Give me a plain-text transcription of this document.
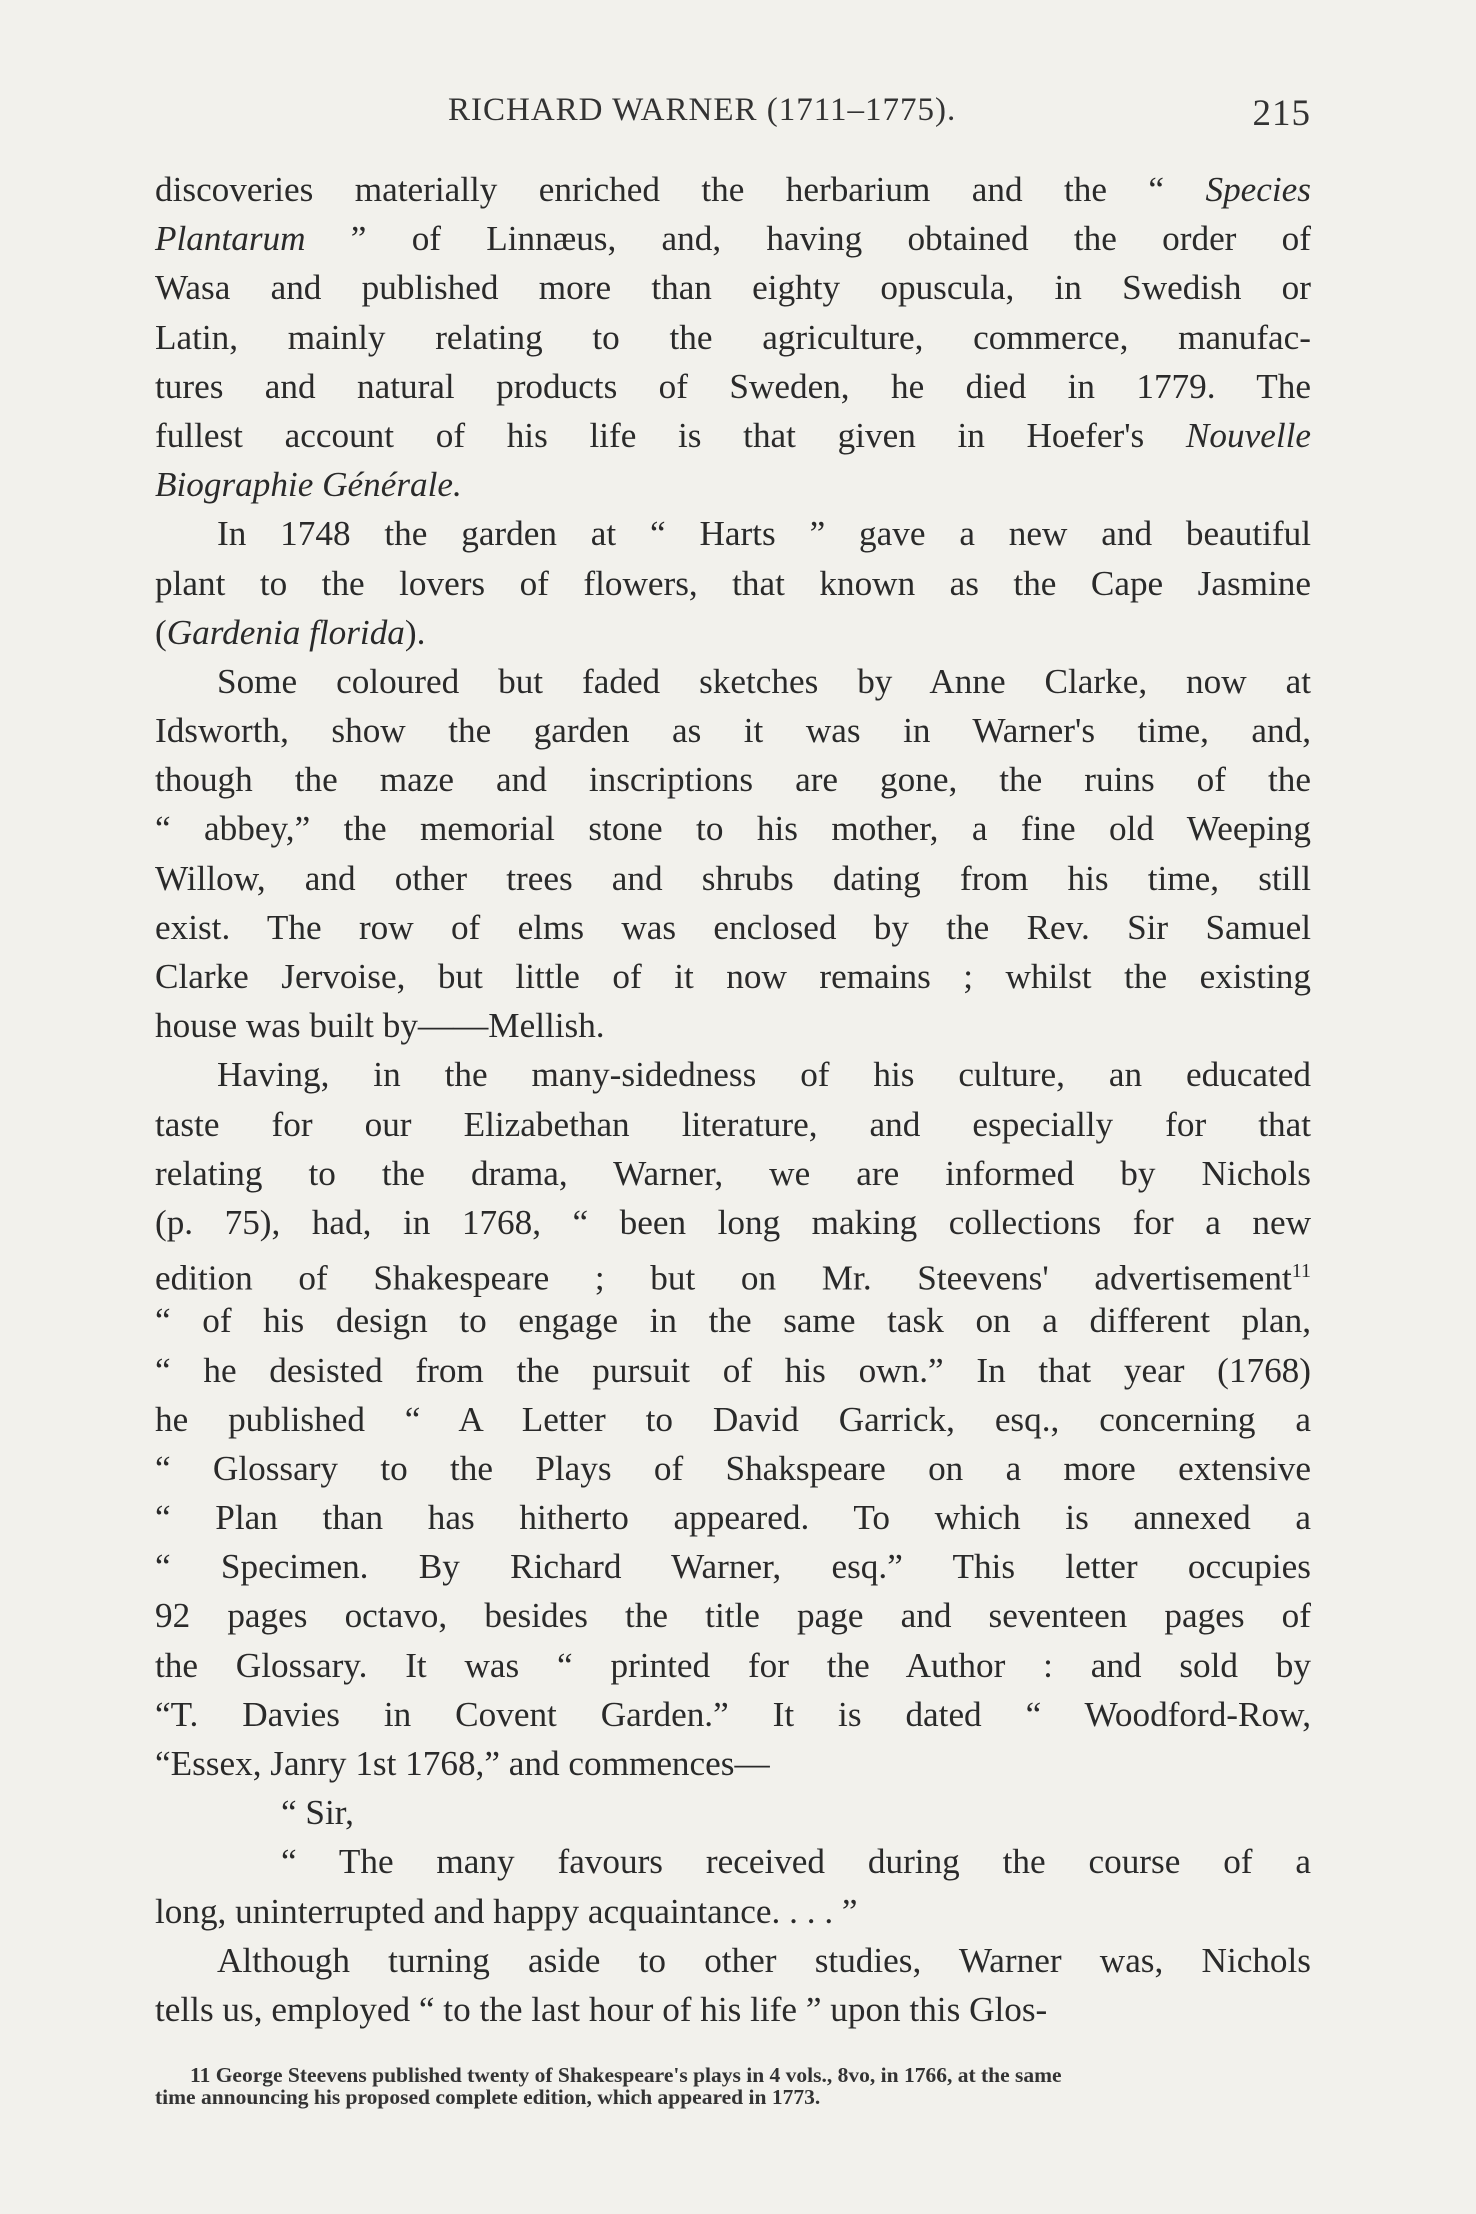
RICHARD WARNER (1711–1775).	215
discoveries materially enriched the herbarium and the “ Species
Plantarum ” of Linnæus, and, having obtained the order of
Wasa and published more than eighty opuscula, in Swedish or
Latin, mainly relating to the agriculture, commerce, manufac-
tures and natural products of Sweden, he died in 1779. The
fullest account of his life is that given in Hoefer's Nouvelle
Biographie Générale.
In 1748 the garden at “ Harts ” gave a new and beautiful
plant to the lovers of flowers, that known as the Cape Jasmine
(Gardenia florida).
Some coloured but faded sketches by Anne Clarke, now at
Idsworth, show the garden as it was in Warner's time, and,
though the maze and inscriptions are gone, the ruins of the
“ abbey,” the memorial stone to his mother, a fine old Weeping
Willow, and other trees and shrubs dating from his time, still
exist. The row of elms was enclosed by the Rev. Sir Samuel
Clarke Jervoise, but little of it now remains ; whilst the existing
house was built by——Mellish.
Having, in the many-sidedness of his culture, an educated
taste for our Elizabethan literature, and especially for that
relating to the drama, Warner, we are informed by Nichols
(p. 75), had, in 1768, “ been long making collections for a new
edition of Shakespeare ; but on Mr. Steevens' advertisement$^{11}$
“ of his design to engage in the same task on a different plan,
“ he desisted from the pursuit of his own.” In that year (1768)
he published “ A Letter to David Garrick, esq., concerning a
“ Glossary to the Plays of Shakspeare on a more extensive
“ Plan than has hitherto appeared. To which is annexed a
“ Specimen. By Richard Warner, esq.” This letter occupies
92 pages octavo, besides the title page and seventeen pages of
the Glossary. It was “ printed for the Author : and sold by
“T. Davies in Covent Garden.” It is dated “ Woodford-Row,
“Essex, Janry 1st 1768,” and commences—
“ Sir,
“ The many favours received during the course of a
long, uninterrupted and happy acquaintance. . . . ”
Although turning aside to other studies, Warner was, Nichols
tells us, employed “ to the last hour of his life ” upon this Glos-
11 George Steevens published twenty of Shakespeare's plays in 4 vols., 8vo, in 1766, at the same
time announcing his proposed complete edition, which appeared in 1773.
